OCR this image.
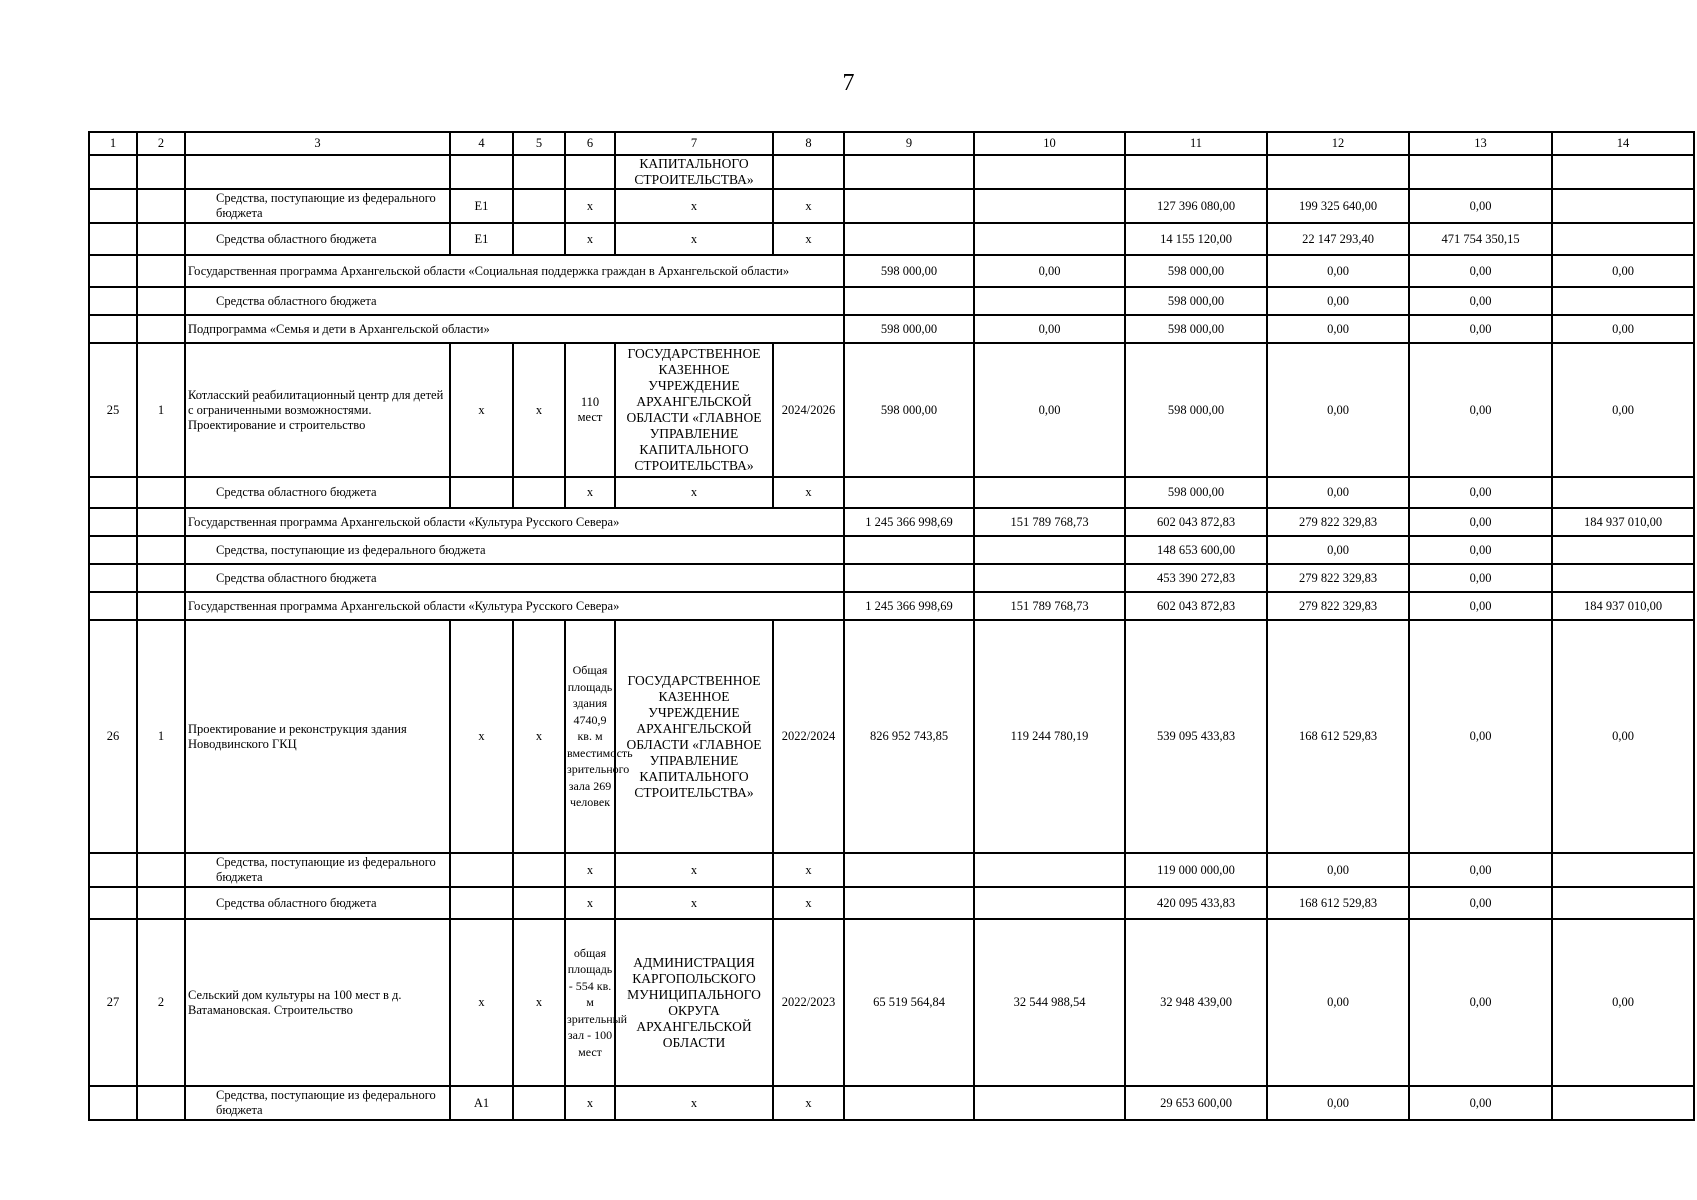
7
1	2	3	4	5	6	7	8	9	10	11	12	13	14
						КАПИТАЛЬНОГО СТРОИТЕЛЬСТВА»							
		Средства, поступающие из федерального бюджета	E1		x	x	x			127 396 080,00	199 325 640,00	0,00	
		Средства областного бюджета	E1		x	x	x			14 155 120,00	22 147 293,40	471 754 350,15	
		Государственная программа Архангельской области «Социальная поддержка граждан в Архангельской области»						598 000,00	0,00	598 000,00	0,00	0,00	0,00
		Средства областного бюджета								598 000,00	0,00	0,00	
		Подпрограмма «Семья и дети в Архангельской области»						598 000,00	0,00	598 000,00	0,00	0,00	0,00
25	1	Котласский реабилитационный центр для детей с ограниченными возможностями. Проектирование и строительство	x	x	110 мест	ГОСУДАРСТВЕННОЕ КАЗЕННОЕ УЧРЕЖДЕНИЕ АРХАНГЕЛЬСКОЙ ОБЛАСТИ «ГЛАВНОЕ УПРАВЛЕНИЕ КАПИТАЛЬНОГО СТРОИТЕЛЬСТВА»	2024/2026	598 000,00	0,00	598 000,00	0,00	0,00	0,00
		Средства областного бюджета			x	x	x			598 000,00	0,00	0,00	
		Государственная программа Архангельской области «Культура Русского Севера»						1 245 366 998,69	151 789 768,73	602 043 872,83	279 822 329,83	0,00	184 937 010,00
		Средства, поступающие из федерального бюджета								148 653 600,00	0,00	0,00	
		Средства областного бюджета								453 390 272,83	279 822 329,83	0,00	
		Государственная программа Архангельской области «Культура Русского Севера»						1 245 366 998,69	151 789 768,73	602 043 872,83	279 822 329,83	0,00	184 937 010,00
26	1	Проектирование и реконструкция здания Новодвинского ГКЦ	x	x	Общая площадь здания 4740,9 кв. м вместимость зрительного зала 269 человек	ГОСУДАРСТВЕННОЕ КАЗЕННОЕ УЧРЕЖДЕНИЕ АРХАНГЕЛЬСКОЙ ОБЛАСТИ «ГЛАВНОЕ УПРАВЛЕНИЕ КАПИТАЛЬНОГО СТРОИТЕЛЬСТВА»	2022/2024	826 952 743,85	119 244 780,19	539 095 433,83	168 612 529,83	0,00	0,00
		Средства, поступающие из федерального бюджета			x	x	x			119 000 000,00	0,00	0,00	
		Средства областного бюджета			x	x	x			420 095 433,83	168 612 529,83	0,00	
27	2	Сельский дом культуры на 100 мест в д. Ватамановская. Строительство	x	x	общая площадь - 554 кв. м зрительный зал - 100 мест	АДМИНИСТРАЦИЯ КАРГОПОЛЬСКОГО МУНИЦИПАЛЬНОГО ОКРУГА АРХАНГЕЛЬСКОЙ ОБЛАСТИ	2022/2023	65 519 564,84	32 544 988,54	32 948 439,00	0,00	0,00	0,00
		Средства, поступающие из федерального бюджета	A1		x	x	x			29 653 600,00	0,00	0,00	
